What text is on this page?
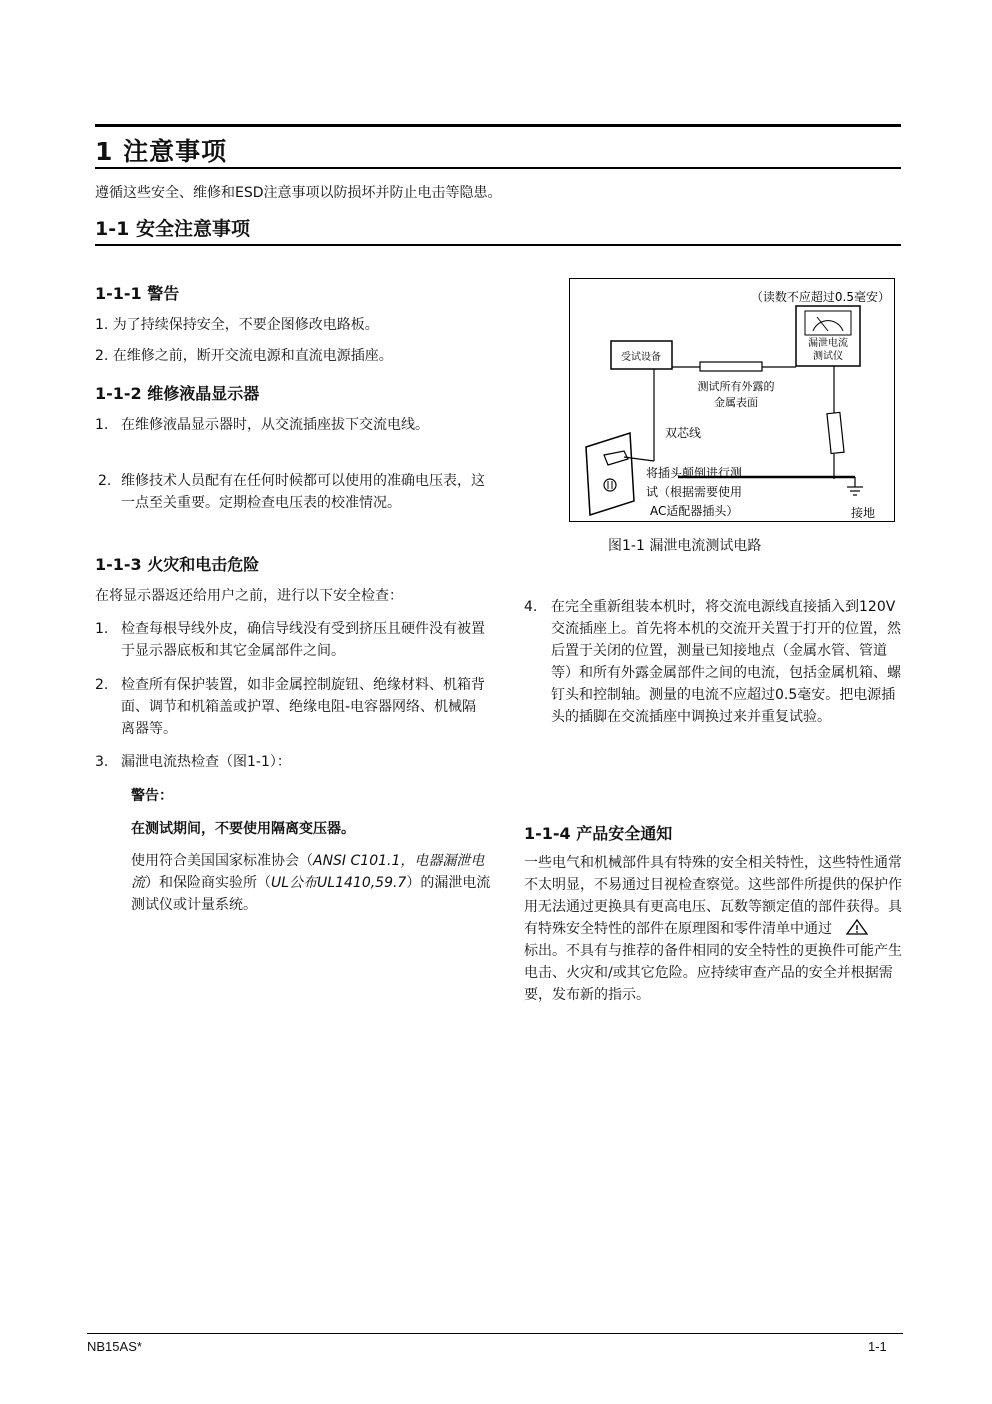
1 注意事项
遵循这些安全、维修和ESD注意事项以防损坏并防止电击等隐患。
1-1 安全注意事项
1-1-1 警告
1. 为了持续保持安全，不要企图修改电路板。
2. 在维修之前，断开交流电源和直流电源插座。
1-1-2 维修液晶显示器
1. 在维修液晶显示器时，从交流插座拔下交流电线。
2. 维修技术人员配有在任何时候都可以使用的准确电压表，这一点至关重要。定期检查电压表的校准情况。
1-1-3 火灾和电击危险
在将显示器返还给用户之前，进行以下安全检查：
1. 检查每根导线外皮，确信导线没有受到挤压且硬件没有被置于显示器底板和其它金属部件之间。
2. 检查所有保护装置，如非金属控制旋钮、绝缘材料、机箱背面、调节和机箱盖或护罩、绝缘电阻-电容器网络、机械隔离器等。
3. 漏泄电流热检查（图1-1）：
警告：
在测试期间，不要使用隔离变压器。
使用符合美国国家标准协会（ANSI C101.1，电器漏泄电流）和保险商实验所（UL公布UL1410,59.7）的漏泄电流测试仪或计量系统。
漏泄电流
测试仪
（读数不应超过0.5毫安）
受试设备
测试所有外露的
金属表面
接地
双芯线
将插头颠倒进行测
试（根据需要使用
AC适配器插头）
图1-1 漏泄电流测试电路
4. 在完全重新组装本机时，将交流电源线直接插入到120V交流插座上。首先将本机的交流开关置于打开的位置，然后置于关闭的位置，测量已知接地点（金属水管、管道等）和所有外露金属部件之间的电流，包括金属机箱、螺钉头和控制轴。测量的电流不应超过0.5毫安。把电源插头的插脚在交流插座中调换过来并重复试验。
1-1-4 产品安全通知
一些电气和机械部件具有特殊的安全相关特性，这些特性通常不太明显，不易通过目视检查察觉。这些部件所提供的保护作用无法通过更换具有更高电压、瓦数等额定值的部件获得。具有特殊安全特性的部件在原理图和零件清单中通过
标出。不具有与推荐的备件相同的安全特性的更换件可能产生电击、火灾和/或其它危险。应持续审查产品的安全并根据需要，发布新的指示。
NB15AS*	1-1
